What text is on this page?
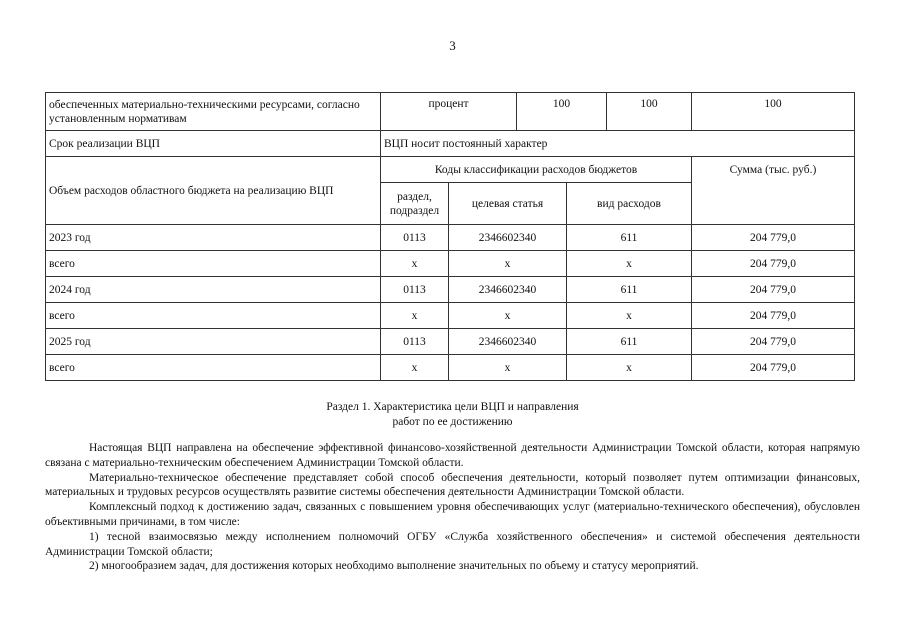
3
обеспеченных материально-техническими ресурсами, согласно установленным нормативам	процент		100		100	100
Срок реализации ВЦП	ВЦП носит постоянный характер					
Объем расходов областного бюджета на реализацию ВЦП	Коды классификации расходов бюджетов					Сумма (тыс. руб.)
	раздел, подраздел	целевая статья		вид расходов		
2023 год	0113	2346602340		611		204 779,0
всего	х	х		х		204 779,0
2024 год	0113	2346602340		611		204 779,0
всего	х	х		х		204 779,0
2025 год	0113	2346602340		611		204 779,0
всего	х	х		х		204 779,0
Раздел 1. Характеристика цели ВЦП и направления
работ по ее достижению

Настоящая ВЦП направлена на обеспечение эффективной финансово-хозяйственной деятельности Администрации Томской области, которая напрямую связана с материально-техническим обеспечением Администрации Томской области.

Материально-техническое обеспечение представляет собой способ обеспечения деятельности, который позволяет путем оптимизации финансовых, материальных и трудовых ресурсов осуществлять развитие системы обеспечения деятельности Администрации Томской области.

Комплексный подход к достижению задач, связанных с повышением уровня обеспечивающих услуг (материально-технического обеспечения), обусловлен объективными причинами, в том числе:

1) тесной взаимосвязью между исполнением полномочий ОГБУ «Служба хозяйственного обеспечения» и системой обеспечения деятельности Администрации Томской области;

2) многообразием задач, для достижения которых необходимо выполнение значительных по объему и статусу мероприятий.
